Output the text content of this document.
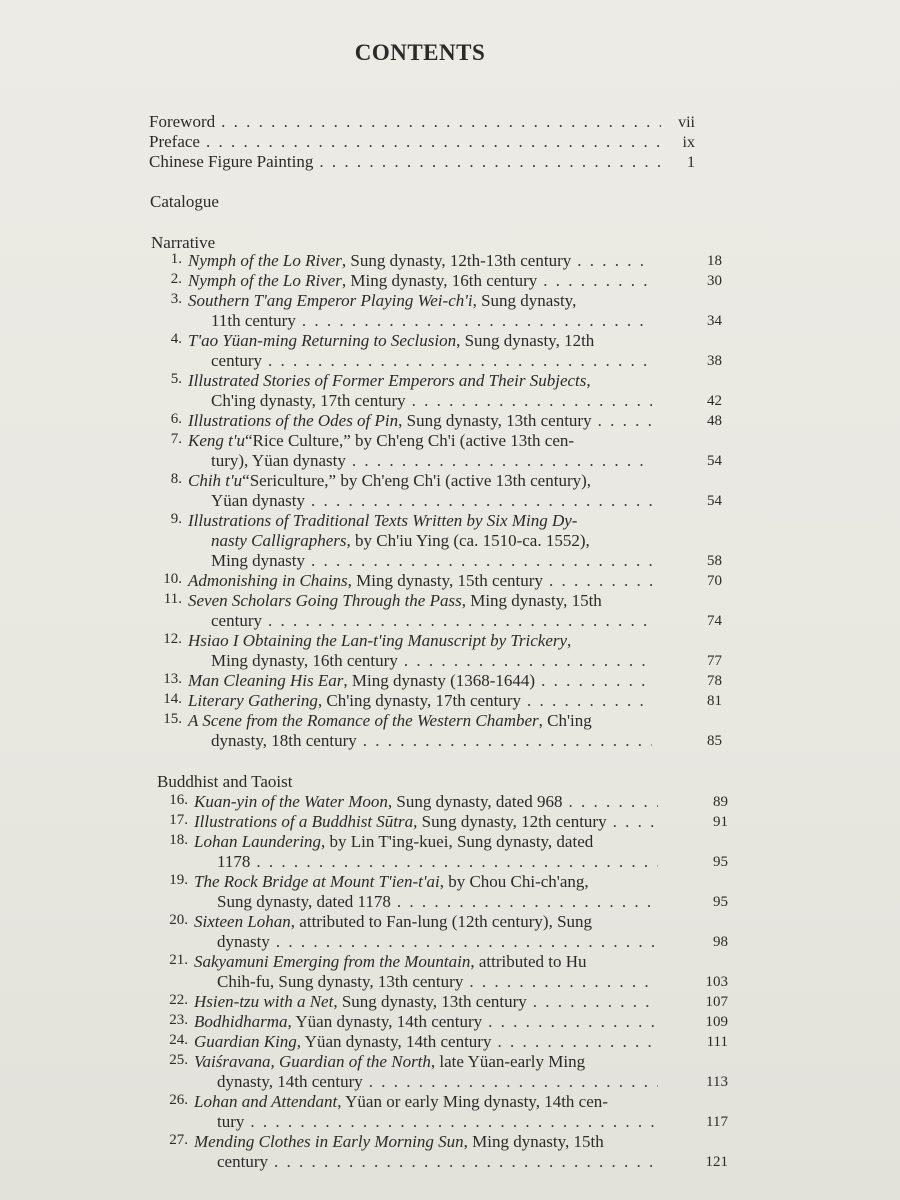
CONTENTS
Foreword . . .	vii
Preface . . .	ix
Chinese Figure Painting . . .	1
Catalogue
Narrative
1. Nymph of the Lo River , Sung dynasty, 12th-13th century . . .	18
2. Nymph of the Lo River , Ming dynasty, 16th century . . .	30
3. Southern T'ang Emperor Playing Wei-ch'i , Sung dynasty,
11th century . . .	34
4. T'ao Yüan-ming Returning to Seclusion , Sung dynasty, 12th
century . . .	38
5. Illustrated Stories of Former Emperors and Their Subjects ,
Ch'ing dynasty, 17th century . . .	42
6. Illustrations of the Odes of Pin , Sung dynasty, 13th century . . .	48
7. Keng t'u “Rice Culture,” by Ch'eng Ch'i (active 13th cen-
tury), Yüan dynasty . . .	54
8. Chih t'u “Sericulture,” by Ch'eng Ch'i (active 13th century),
Yüan dynasty . . .	54
9. Illustrations of Traditional Texts Written by Six Ming Dy-
nasty Calligraphers , by Ch'iu Ying (ca. 1510-ca. 1552),
Ming dynasty . . .	58
10. Admonishing in Chains , Ming dynasty, 15th century . . .	70
11. Seven Scholars Going Through the Pass , Ming dynasty, 15th
century . . .	74
12. Hsiao I Obtaining the Lan-t'ing Manuscript by Trickery ,
Ming dynasty, 16th century . . .	77
13. Man Cleaning His Ear , Ming dynasty (1368-1644) . . .	78
14. Literary Gathering , Ch'ing dynasty, 17th century . . .	81
15. A Scene from the Romance of the Western Chamber , Ch'ing
dynasty, 18th century . . .	85
Buddhist and Taoist
16. Kuan-yin of the Water Moon , Sung dynasty, dated 968 . . .	89
17. Illustrations of a Buddhist Sūtra , Sung dynasty, 12th century . . .	91
18. Lohan Laundering , by Lin T'ing-kuei, Sung dynasty, dated
1178 . . .	95
19. The Rock Bridge at Mount T'ien-t'ai , by Chou Chi-ch'ang,
Sung dynasty, dated 1178 . . .	95
20. Sixteen Lohan , attributed to Fan-lung (12th century), Sung
dynasty . . .	98
21. Sakyamuni Emerging from the Mountain , attributed to Hu
Chih-fu, Sung dynasty, 13th century . . .	103
22. Hsien-tzu with a Net , Sung dynasty, 13th century . . .	107
23. Bodhidharma , Yüan dynasty, 14th century . . .	109
24. Guardian King , Yüan dynasty, 14th century . . .	111
25. Vaiśravana, Guardian of the North , late Yüan-early Ming
dynasty, 14th century . . .	113
26. Lohan and Attendant , Yüan or early Ming dynasty, 14th cen-
tury . . .	117
27. Mending Clothes in Early Morning Sun , Ming dynasty, 15th
century . . .	121
